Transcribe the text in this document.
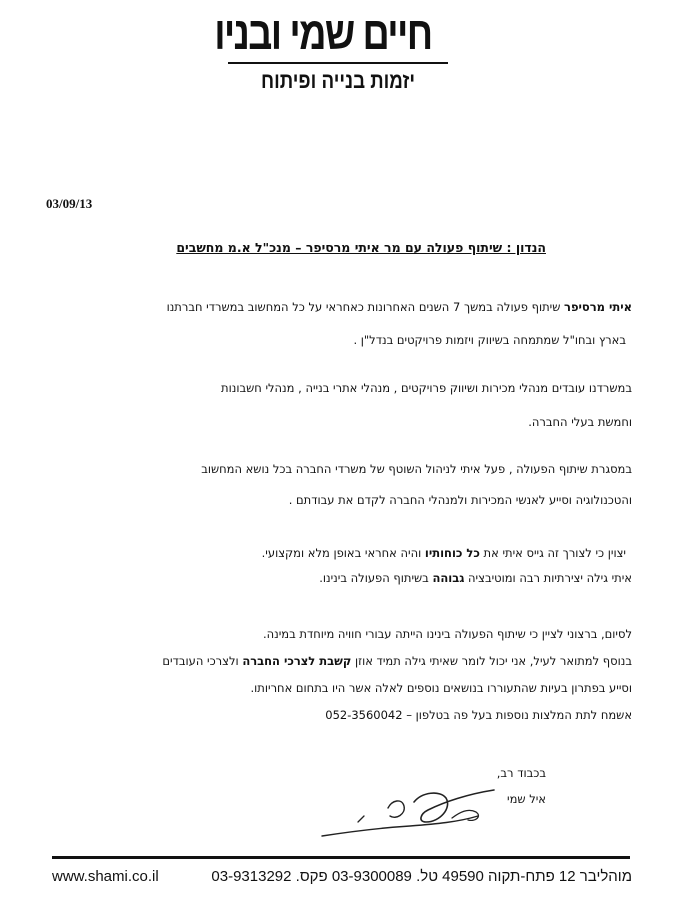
חיים שמי ובניו
יזמות בנייה ופיתוח
03/09/13
הנדון : שיתוף פעולה עם מר איתי מרסיפר – מנכ"ל א.מ מחשבים
איתי מרסיפר שיתוף פעולה במשך 7 השנים האחרונות כאחראי על כל המחשוב במשרדי חברתנו
בארץ ובחו"ל שמתמחה בשיווק ויזמות פרויקטים בנדל"ן .
במשרדנו עובדים מנהלי מכירות ושיווק פרויקטים , מנהלי אתרי בנייה , מנהלי חשבונות
וחמשת בעלי החברה.
במסגרת שיתוף הפעולה , פעל איתי לניהול השוטף של משרדי החברה בכל נושא המחשוב
והטכנולוגיה וסייע לאנשי המכירות ולמנהלי החברה לקדם את עבודתם .
יצוין כי לצורך זה גייס איתי את כל כוחותיו והיה אחראי באופן מלא ומקצועי.
איתי גילה יצירתיות רבה ומוטיבציה גבוהה בשיתוף הפעולה בינינו.
לסיום, ברצוני לציין כי שיתוף הפעולה בינינו הייתה עבורי חוויה מיוחדת במינה.
בנוסף למתואר לעיל, אני יכול לומר שאיתי גילה תמיד אוזן קשבת לצרכי החברה ולצרכי העובדים
וסייע בפתרון בעיות שהתעוררו בנושאים נוספים לאלה אשר היו בתחום אחריותו.
אשמח לתת המלצות נוספות בעל פה בטלפון – 052-3560042
בכבוד רב,
איל שמי
www.shami.co.il	מוהליבר 12 פתח-תקוה 49590 טל. 03-9300089 פקס. 03-9313292
